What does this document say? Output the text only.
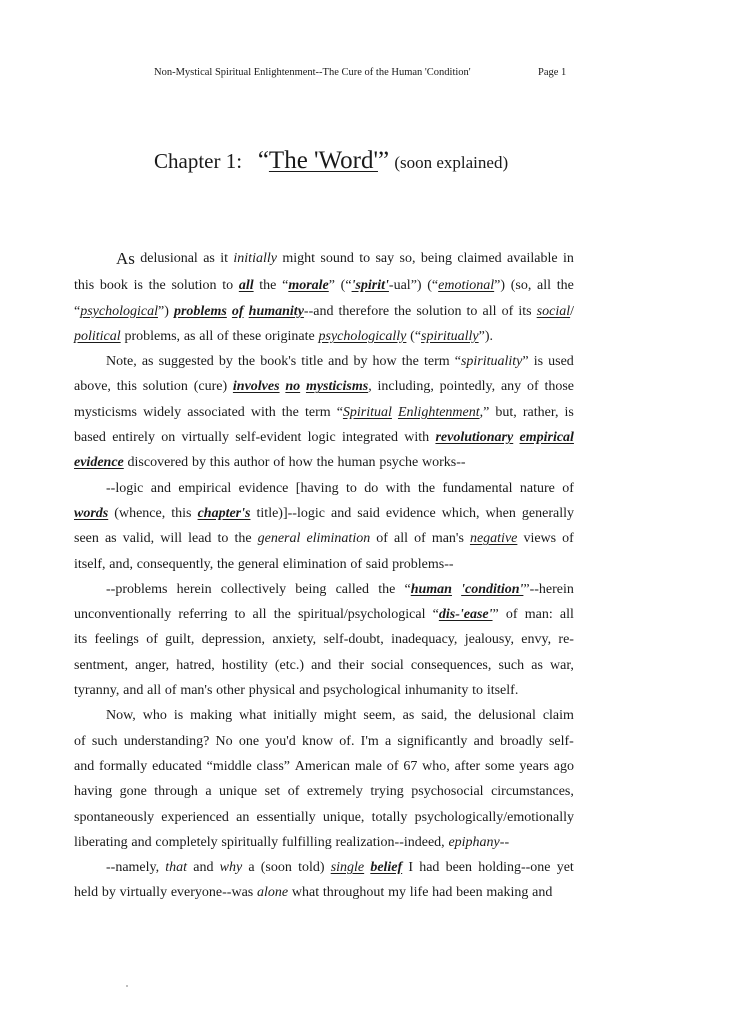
Non-Mystical Spiritual Enlightenment--The Cure of the Human 'Condition'	Page 1
Chapter 1: “The 'Word'” (soon explained)
As delusional as it initially might sound to say so, being claimed available in
this book is the solution to all the “morale” (“'spirit'-ual”) (“emotional”) (so, all the
“psychological”) problems of humanity--and therefore the solution to all of its social/
political problems, as all of these originate psychologically (“spiritually”).
Note, as suggested by the book's title and by how the term “spirituality” is used
above, this solution (cure) involves no mysticisms, including, pointedly, any of those
mysticisms widely associated with the term “Spiritual Enlightenment,” but, rather, is
based entirely on virtually self-evident logic integrated with revolutionary empirical
evidence discovered by this author of how the human psyche works--
--logic and empirical evidence [having to do with the fundamental nature of
words (whence, this chapter's title)]--logic and said evidence which, when generally
seen as valid, will lead to the general elimination of all of man's negative views of
itself, and, consequently, the general elimination of said problems--
--problems herein collectively being called the “human 'condition'”--herein
unconventionally referring to all the spiritual/psychological “dis-'ease'” of man: all
its feelings of guilt, depression, anxiety, self-doubt, inadequacy, jealousy, envy, re-
sentment, anger, hatred, hostility (etc.) and their social consequences, such as war,
tyranny, and all of man's other physical and psychological inhumanity to itself.
Now, who is making what initially might seem, as said, the delusional claim
of such understanding? No one you'd know of. I'm a significantly and broadly self-
and formally educated “middle class” American male of 67 who, after some years ago
having gone through a unique set of extremely trying psychosocial circumstances,
spontaneously experienced an essentially unique, totally psychologically/emotionally
liberating and completely spiritually fulfilling realization--indeed, epiphany--
--namely, that and why a (soon told) single belief I had been holding--one yet
held by virtually everyone--was alone what throughout my life had been making and
